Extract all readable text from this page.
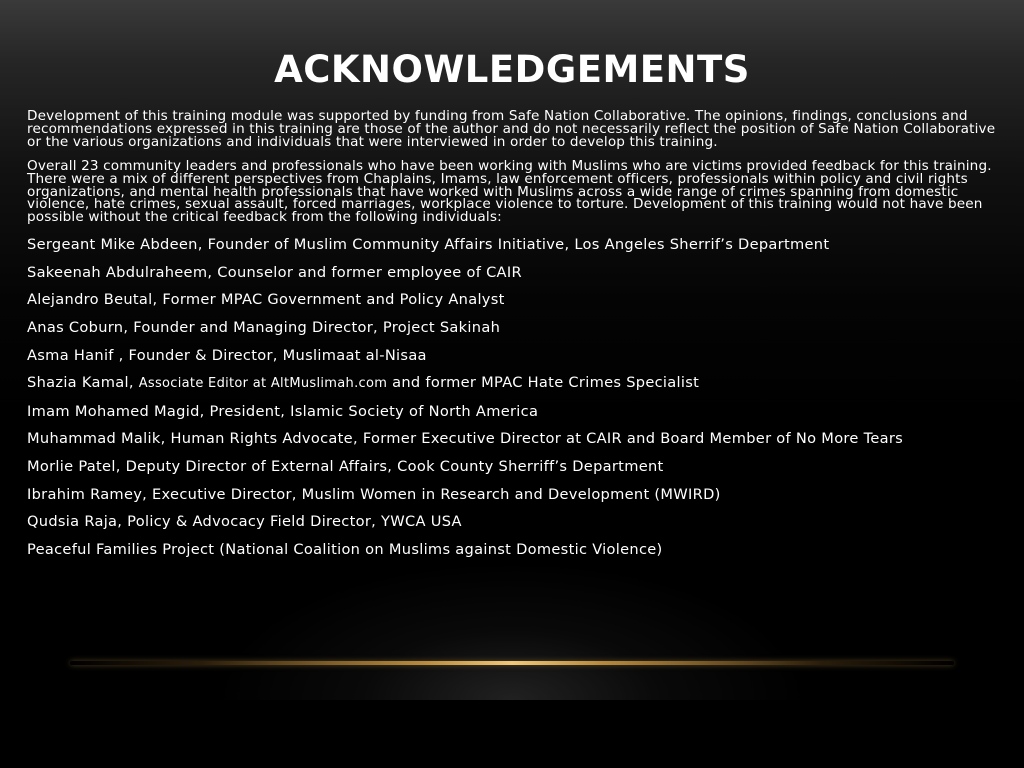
ACKNOWLEDGEMENTS

Development of this training module was supported by funding from Safe Nation Collaborative. The opinions, findings, conclusions and recommendations expressed in this training are those of the author and do not necessarily reflect the position of Safe Nation Collaborative or the various organizations and individuals that were interviewed in order to develop this training.

Overall 23 community leaders and professionals who have been working with Muslims who are victims provided feedback for this training. There were a mix of different perspectives from Chaplains, Imams, law enforcement officers, professionals within policy and civil rights organizations, and mental health professionals that have worked with Muslims across a wide range of crimes spanning from domestic violence, hate crimes, sexual assault, forced marriages, workplace violence to torture. Development of this training would not have been possible without the critical feedback from the following individuals:

Sergeant Mike Abdeen, Founder of Muslim Community Affairs Initiative, Los Angeles Sherrif’s Department

Sakeenah Abdulraheem, Counselor and former employee of CAIR

Alejandro Beutal, Former MPAC Government and Policy Analyst

Anas Coburn, Founder and Managing Director, Project Sakinah

Asma Hanif , Founder & Director, Muslimaat al-Nisaa

Shazia Kamal, Associate Editor at AltMuslimah.com and former MPAC Hate Crimes Specialist

Imam Mohamed Magid, President, Islamic Society of North America

Muhammad Malik, Human Rights Advocate, Former Executive Director at CAIR and Board Member of No More Tears

Morlie Patel, Deputy Director of External Affairs, Cook County Sherriff’s Department

Ibrahim Ramey, Executive Director, Muslim Women in Research and Development (MWIRD)

Qudsia Raja, Policy & Advocacy Field Director, YWCA USA

Peaceful Families Project (National Coalition on Muslims against Domestic Violence)
